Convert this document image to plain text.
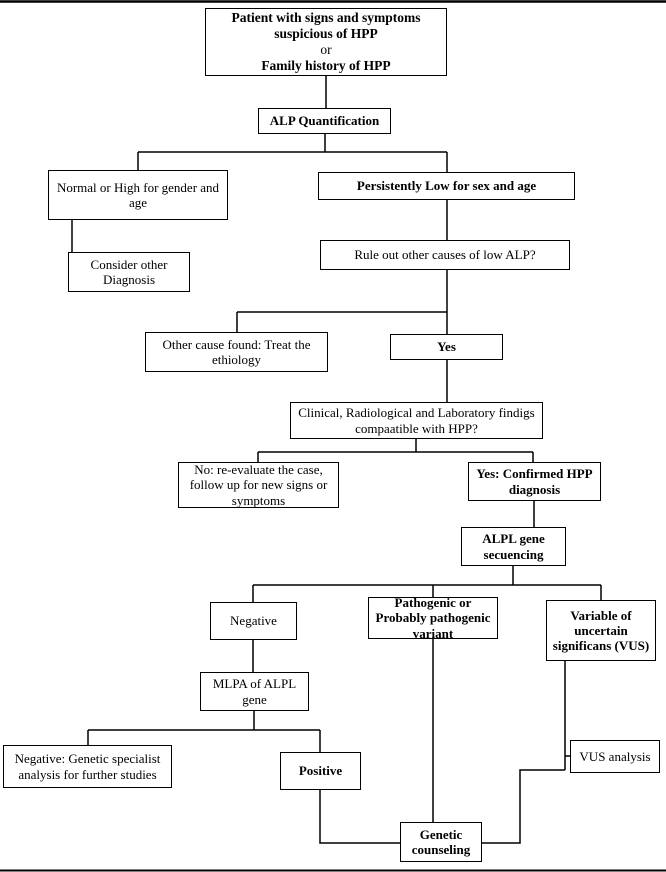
Patient with signs and symptoms suspicious of HPP
or
Family history of HPP
ALP Quantification
Normal or High for gender and age
Persistently Low for sex and age
Consider other Diagnosis
Rule out other causes of low ALP?
Other cause found: Treat the ethiology
Yes
Clinical, Radiological and Laboratory findigs compaatible with HPP?
No: re-evaluate the case, follow up for new signs or symptoms
Yes: Confirmed HPP diagnosis
ALPL gene secuencing
Negative
Pathogenic or Probably pathogenic variant
Variable of uncertain significans (VUS)
MLPA of ALPL gene
Negative: Genetic specialist analysis for further studies	Positive
VUS analysis
Genetic counseling
